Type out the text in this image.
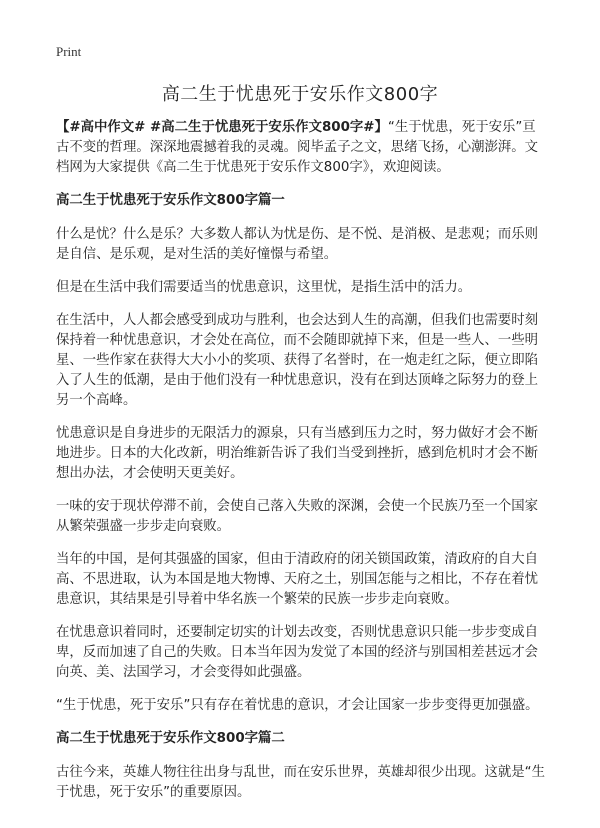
Print
高二生于忧患死于安乐作文800字

【#高中作文# #高二生于忧患死于安乐作文800字#】“生于忧患，死于安乐”亘古不变的哲理。深深地震撼着我的灵魂。阅毕孟子之文，思绪飞扬，心潮澎湃。文档网为大家提供《高二生于忧患死于安乐作文800字》，欢迎阅读。

高二生于忧患死于安乐作文800字篇一

什么是忧？什么是乐？大多数人都认为忧是伤、是不悦、是消极、是悲观；而乐则是自信、是乐观，是对生活的美好憧憬与希望。

但是在生活中我们需要适当的忧患意识，这里忧，是指生活中的活力。

在生活中，人人都会感受到成功与胜利，也会达到人生的高潮，但我们也需要时刻保持着一种忧患意识，才会处在高位，而不会随即就掉下来，但是一些人、一些明星、一些作家在获得大大小小的奖项、获得了名誉时，在一炮走红之际，便立即陷入了人生的低潮，是由于他们没有一种忧患意识，没有在到达顶峰之际努力的登上另一个高峰。

忧患意识是自身进步的无限活力的源泉，只有当感到压力之时，努力做好才会不断地进步。日本的大化改新，明治维新告诉了我们当受到挫折，感到危机时才会不断想出办法，才会使明天更美好。

一味的安于现状停滞不前，会使自己落入失败的深渊，会使一个民族乃至一个国家从繁荣强盛一步步走向衰败。

当年的中国，是何其强盛的国家，但由于清政府的闭关锁国政策，清政府的自大自高、不思进取，认为本国是地大物博、天府之土，别国怎能与之相比，不存在着忧患意识，其结果是引导着中华名族一个繁荣的民族一步步走向衰败。

在忧患意识着同时，还要制定切实的计划去改变，否则忧患意识只能一步步变成自卑，反而加速了自己的失败。日本当年因为发觉了本国的经济与别国相差甚远才会向英、美、法国学习，才会变得如此强盛。

“生于忧患，死于安乐”只有存在着忧患的意识，才会让国家一步步变得更加强盛。

高二生于忧患死于安乐作文800字篇二

古往今来，英雄人物往往出身与乱世，而在安乐世界，英雄却很少出现。这就是“生于忧患，死于安乐”的重要原因。
